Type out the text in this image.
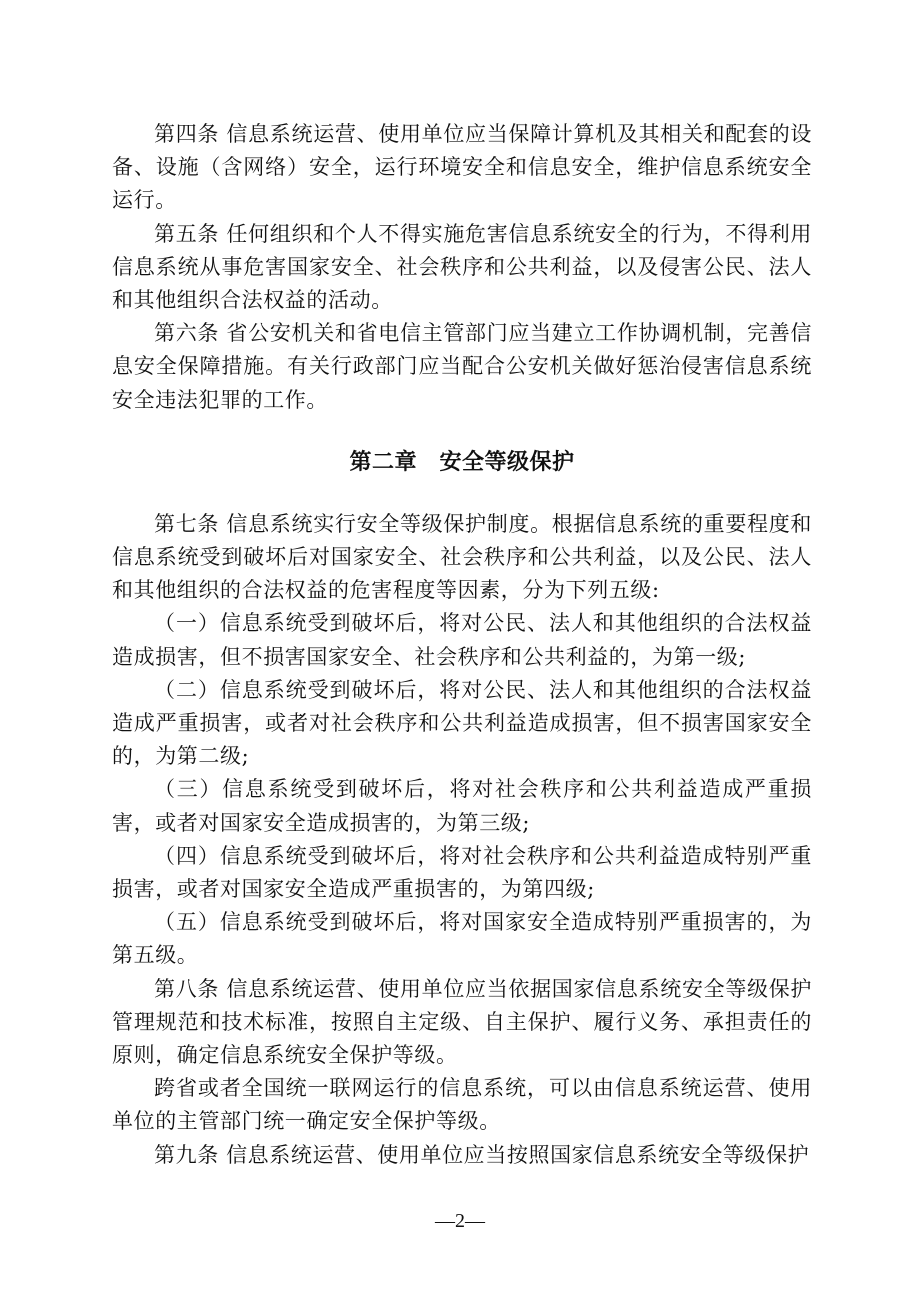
第四条 信息系统运营、使用单位应当保障计算机及其相关和配套的设备、设施（含网络）安全，运行环境安全和信息安全，维护信息系统安全运行。

第五条 任何组织和个人不得实施危害信息系统安全的行为，不得利用信息系统从事危害国家安全、社会秩序和公共利益，以及侵害公民、法人和其他组织合法权益的活动。

第六条 省公安机关和省电信主管部门应当建立工作协调机制，完善信息安全保障措施。有关行政部门应当配合公安机关做好惩治侵害信息系统安全违法犯罪的工作。

第二章　安全等级保护

第七条 信息系统实行安全等级保护制度。根据信息系统的重要程度和信息系统受到破坏后对国家安全、社会秩序和公共利益，以及公民、法人和其他组织的合法权益的危害程度等因素，分为下列五级:

（一）信息系统受到破坏后，将对公民、法人和其他组织的合法权益造成损害，但不损害国家安全、社会秩序和公共利益的，为第一级;

（二）信息系统受到破坏后，将对公民、法人和其他组织的合法权益造成严重损害，或者对社会秩序和公共利益造成损害，但不损害国家安全的，为第二级;

（三）信息系统受到破坏后，将对社会秩序和公共利益造成严重损害，或者对国家安全造成损害的，为第三级;

（四）信息系统受到破坏后，将对社会秩序和公共利益造成特别严重损害，或者对国家安全造成严重损害的，为第四级;

（五）信息系统受到破坏后，将对国家安全造成特别严重损害的，为第五级。

第八条 信息系统运营、使用单位应当依据国家信息系统安全等级保护管理规范和技术标准，按照自主定级、自主保护、履行义务、承担责任的原则，确定信息系统安全保护等级。

跨省或者全国统一联网运行的信息系统，可以由信息系统运营、使用单位的主管部门统一确定安全保护等级。

第九条 信息系统运营、使用单位应当按照国家信息系统安全等级保护

—2—
